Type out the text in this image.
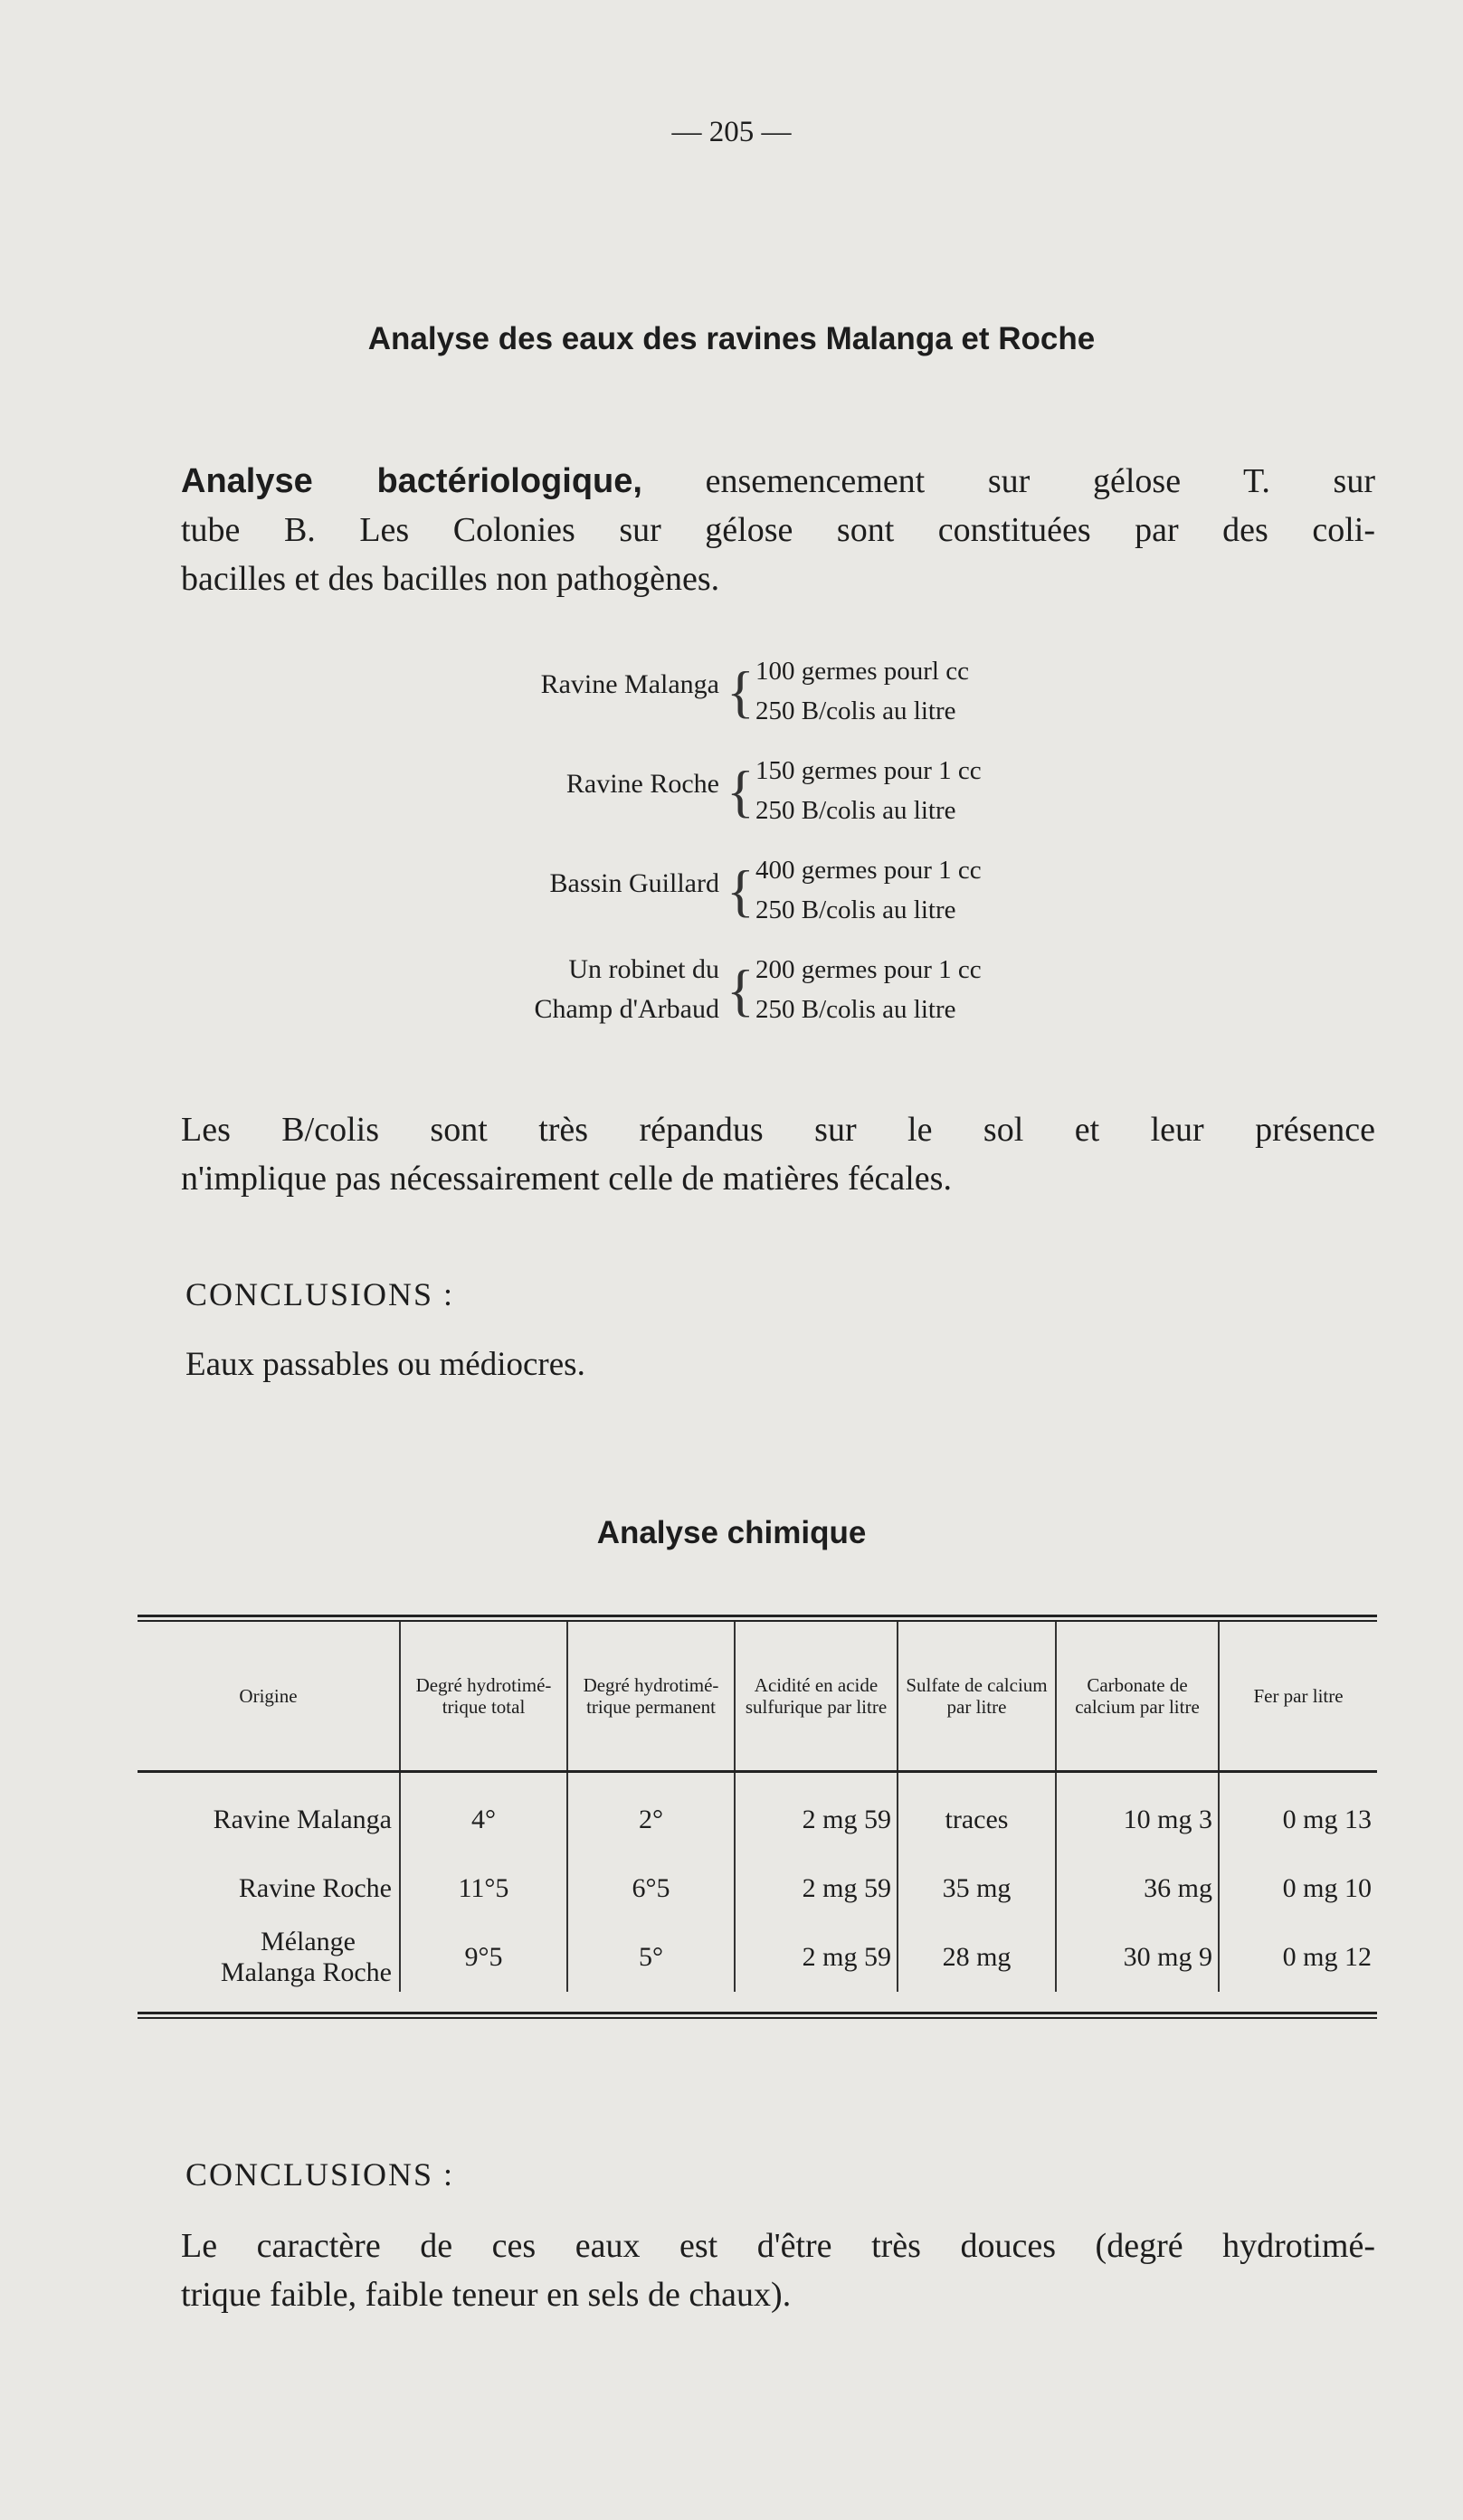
— 205 —
Analyse des eaux des ravines Malanga et Roche
Analyse bactériologique, ensemencement sur gélose T. sur
tube B. Les Colonies sur gélose sont constituées par des coli-
bacilles et des bacilles non pathogènes.
Ravine Malanga { 100 germes pourl cc
250 B/colis au litre
Ravine Roche { 150 germes pour 1 cc
250 B/colis au litre
Bassin Guillard { 400 germes pour 1 cc
250 B/colis au litre
Un robinet du
Champ d'Arbaud { 200 germes pour 1 cc
250 B/colis au litre
Les B/colis sont très répandus sur le sol et leur présence
n'implique pas nécessairement celle de matières fécales.
CONCLUSIONS :
Eaux passables ou médiocres.
Analyse chimique
Origine	Degré hydrotimé- trique total	Degré hydrotimé- trique permanent	Acidité en acide sulfurique par litre	Sulfate de calcium par litre	Carbonate de calcium par litre	Fer par litre
Ravine Malanga	4°	2°	2 mg 59	traces	10 mg 3	0 mg 13
Ravine Roche	11°5	6°5	2 mg 59	35 mg	36 mg	0 mg 10

Mélange
Malanga Roche	9°5	5°	2 mg 59	28 mg	30 mg 9	0 mg 12
CONCLUSIONS :
Le caractère de ces eaux est d'être très douces (degré hydrotimé-
trique faible, faible teneur en sels de chaux).
